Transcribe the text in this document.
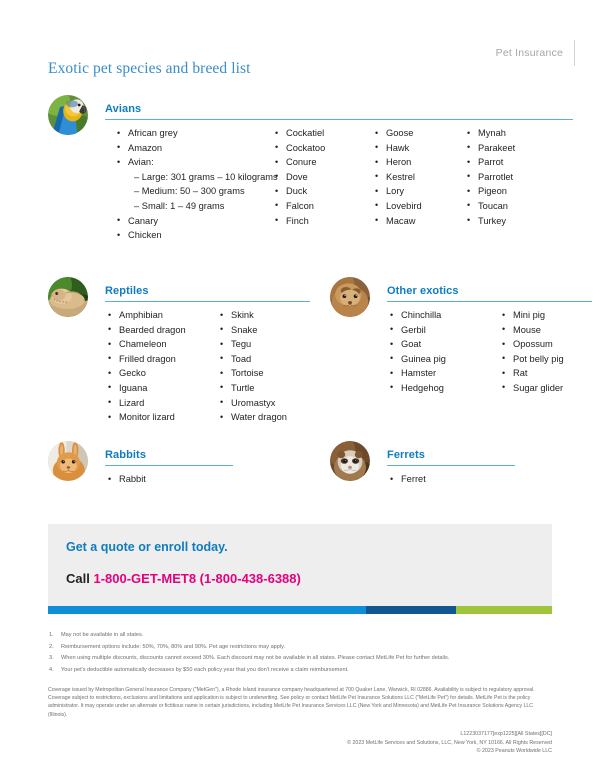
Pet Insurance
Exotic pet species and breed list
Avians
• African grey
• Amazon
• Avian:
– Large: 301 grams – 10 kilograms
– Medium: 50 – 300 grams
– Small: 1 – 49 grams
• Canary
• Chicken
• Cockatiel
• Cockatoo
• Conure
• Dove
• Duck
• Falcon
• Finch
• Goose
• Hawk
• Heron
• Kestrel
• Lory
• Lovebird
• Macaw
• Mynah
• Parakeet
• Parrot
• Parrotlet
• Pigeon
• Toucan
• Turkey
Reptiles
• Amphibian
• Bearded dragon
• Chameleon
• Frilled dragon
• Gecko
• Iguana
• Lizard
• Monitor lizard
• Skink
• Snake
• Tegu
• Toad
• Tortoise
• Turtle
• Uromastyx
• Water dragon
Other exotics
• Chinchilla
• Gerbil
• Goat
• Guinea pig
• Hamster
• Hedgehog
• Mini pig
• Mouse
• Opossum
• Pot belly pig
• Rat
• Sugar glider
Rabbits
• Rabbit
Ferrets
• Ferret
Get a quote or enroll today.
Call 1-800-GET-MET8 (1-800-438-6388)
May not be available in all states.
Reimbursement options include: 50%, 70%, 80% and 90%. Pet age restrictions may apply.
When using multiple discounts, discounts cannot exceed 30%. Each discount may not be available in all states. Please contact MetLife Pet for further details.
Your pet's deductible automatically decreases by $50 each policy year that you don't receive a claim reimbursement.

Coverage issued by Metropolitan General Insurance Company ("MetGen"), a Rhode Island insurance company headquartered at 700 Quaker Lane, Warwick, RI 02886. Availability is subject to regulatory approval. Coverage subject to restrictions, exclusions and limitations and application is subject to underwriting. See policy or contact MetLife Pet Insurance Solutions LLC ("MetLife Pet") for details. MetLife Pet is the policy administrator. It may operate under an alternate or fictitious name in certain jurisdictions, including MetLife Pet Insurance Services LLC (New York and Minnesota) and MetLife Pet Insurance Solutions Agency LLC (Illinois).

L1223037177[exp1225][All States][DC]
© 2023 MetLife Services and Solutions, LLC, New York, NY 10166. All Rights Reserved
© 2023 Peanuts Worldwide LLC
